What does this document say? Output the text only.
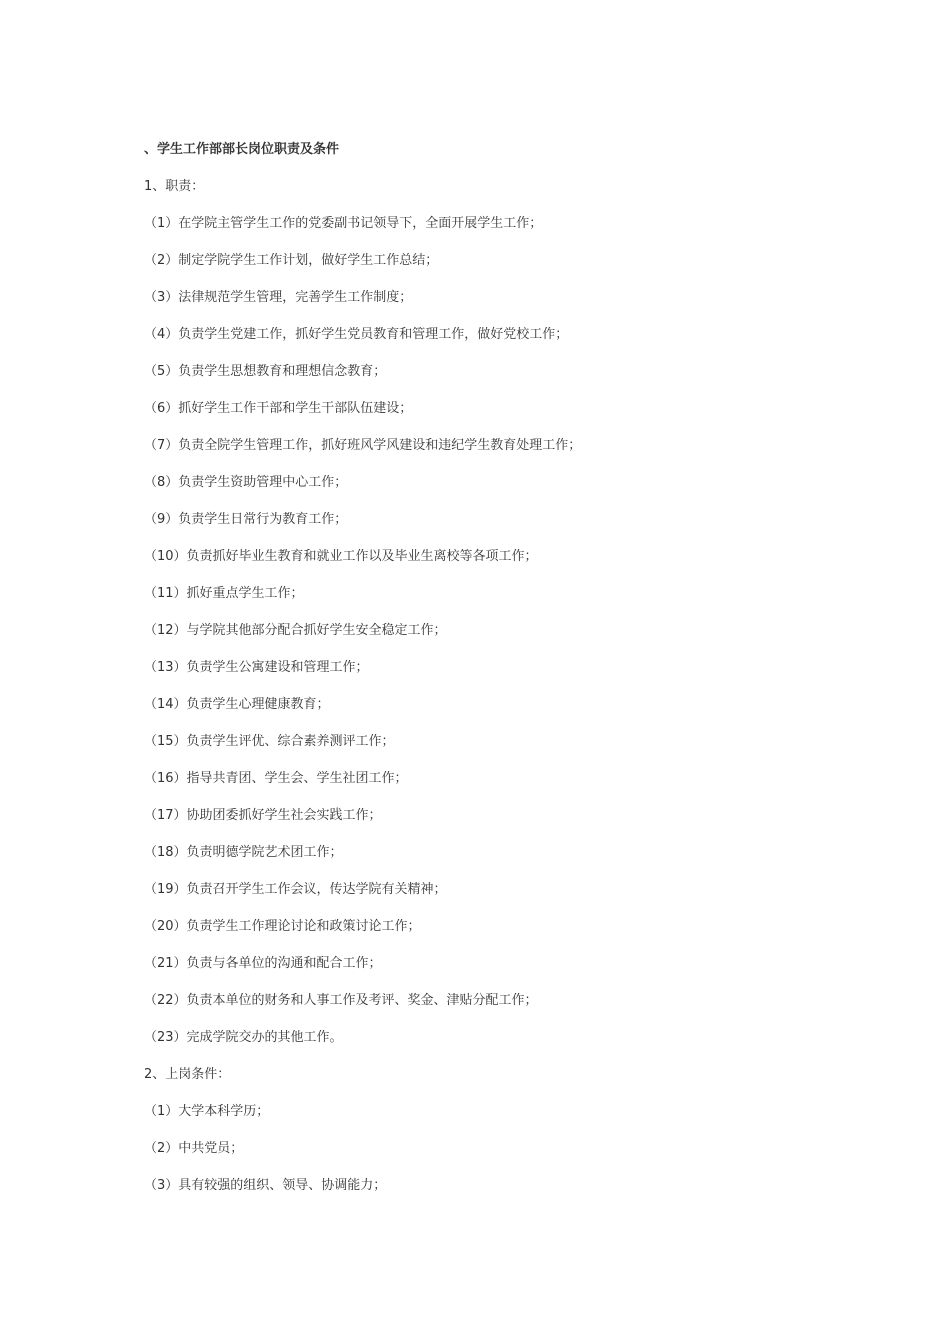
、学生工作部部长岗位职责及条件
1、职责：
（1）在学院主管学生工作的党委副书记领导下，全面开展学生工作；
（2）制定学院学生工作计划，做好学生工作总结；
（3）法律规范学生管理，完善学生工作制度；
（4）负责学生党建工作，抓好学生党员教育和管理工作，做好党校工作；
（5）负责学生思想教育和理想信念教育；
（6）抓好学生工作干部和学生干部队伍建设；
（7）负责全院学生管理工作，抓好班风学风建设和违纪学生教育处理工作；
（8）负责学生资助管理中心工作；
（9）负责学生日常行为教育工作；
（10）负责抓好毕业生教育和就业工作以及毕业生离校等各项工作；
（11）抓好重点学生工作；
（12）与学院其他部分配合抓好学生安全稳定工作；
（13）负责学生公寓建设和管理工作；
（14）负责学生心理健康教育；
（15）负责学生评优、综合素养测评工作；
（16）指导共青团、学生会、学生社团工作；
（17）协助团委抓好学生社会实践工作；
（18）负责明德学院艺术团工作；
（19）负责召开学生工作会议，传达学院有关精神；
（20）负责学生工作理论讨论和政策讨论工作；
（21）负责与各单位的沟通和配合工作；
（22）负责本单位的财务和人事工作及考评、奖金、津贴分配工作；
（23）完成学院交办的其他工作。
2、上岗条件：
（1）大学本科学历；
（2）中共党员；
（3）具有较强的组织、领导、协调能力；
